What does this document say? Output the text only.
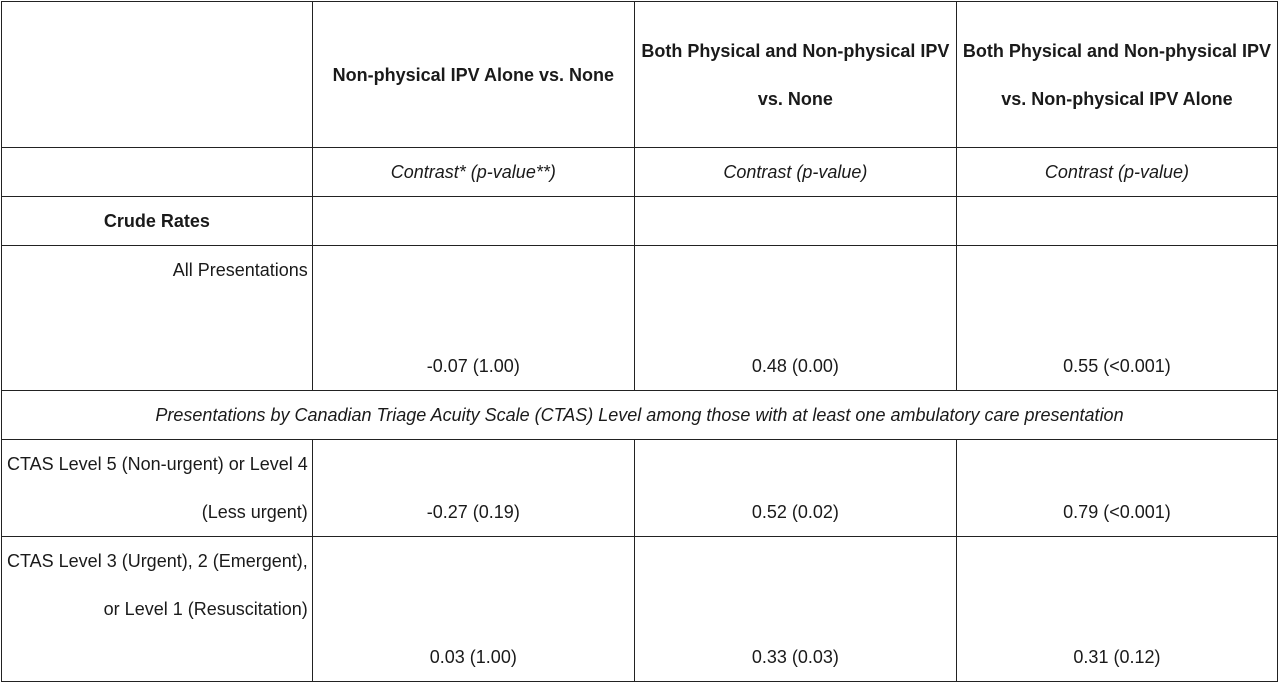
	Non-physical IPV Alone vs. None	Both Physical and Non-physical IPV vs. None	Both Physical and Non-physical IPV vs. Non-physical IPV Alone
	Contrast* (p-value**)	Contrast (p-value)	Contrast (p-value)
Crude Rates			
All Presentations	-0.07 (1.00)	0.48 (0.00)	0.55 (<0.001)
Presentations by Canadian Triage Acuity Scale (CTAS) Level among those with at least one ambulatory care presentation			
CTAS Level 5 (Non-urgent) or Level 4 (Less urgent)	-0.27 (0.19)	0.52 (0.02)	0.79 (<0.001)
CTAS Level 3 (Urgent), 2 (Emergent), or Level 1 (Resuscitation)	0.03 (1.00)	0.33 (0.03)	0.31 (0.12)
